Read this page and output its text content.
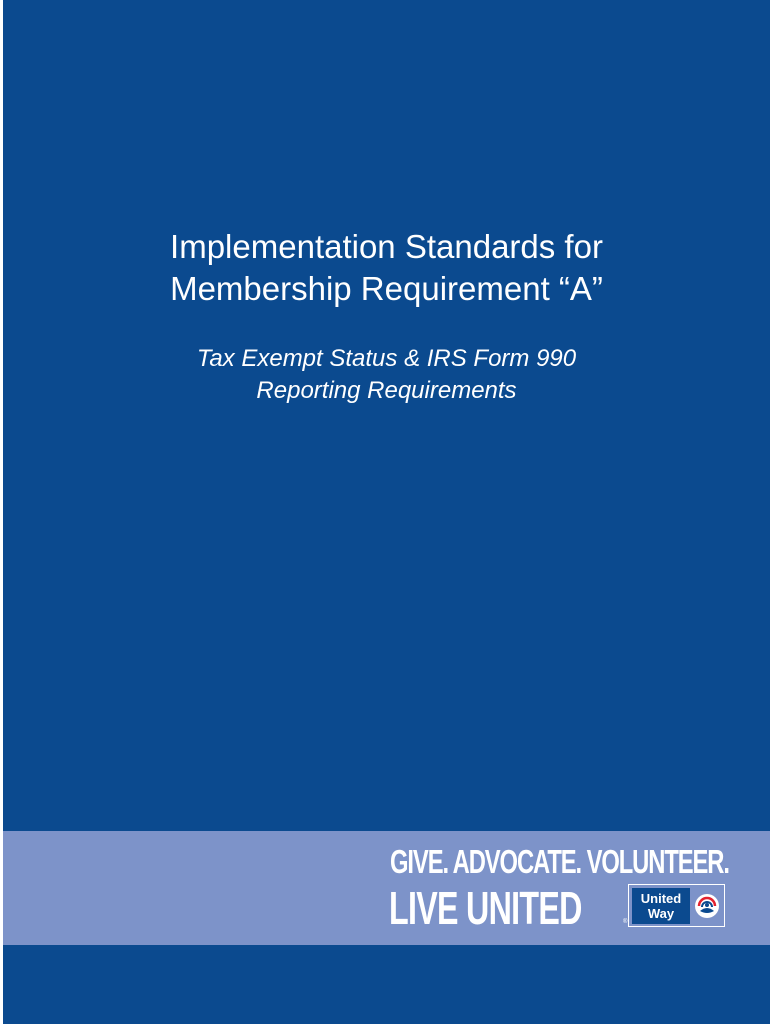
Implementation Standards for
Membership Requirement “A”
Tax Exempt Status & IRS Form 990
Reporting Requirements
GIVE. ADVOCATE. VOLUNTEER.
LIVE UNITED	®
United
Way
